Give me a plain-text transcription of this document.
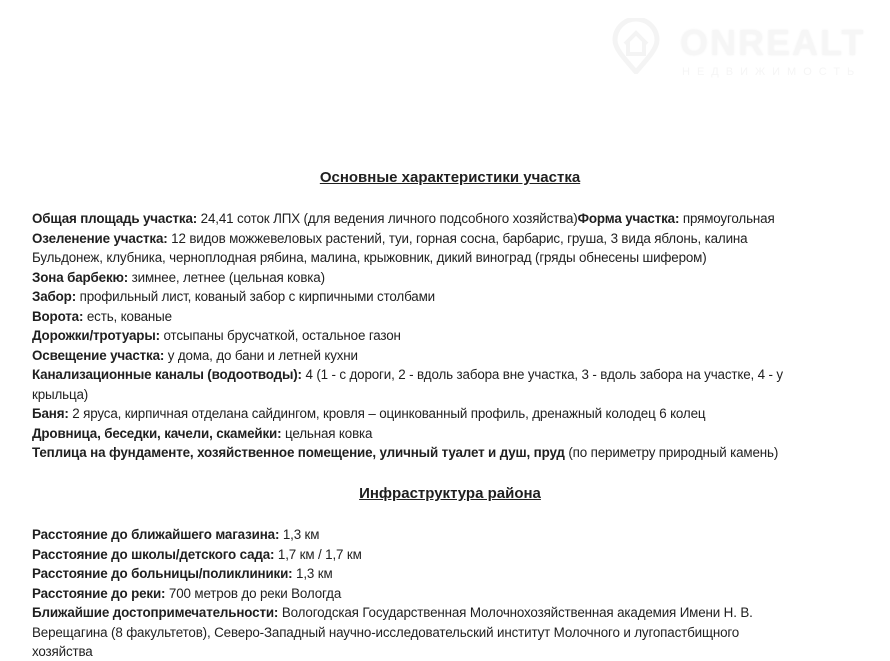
ONREALT
НЕДВИЖИМОСТЬ
Основные характеристики участка
Общая площадь участка: 24,41 соток ЛПХ (для ведения личного подсобного хозяйства)Форма участка: прямоугольная
Озеленение участка: 12 видов можжевеловых растений, туи, горная сосна, барбарис, груша, 3 вида яблонь, калина
Бульдонеж, клубника, черноплодная рябина, малина, крыжовник, дикий виноград (гряды обнесены шифером)
Зона барбекю: зимнее, летнее (цельная ковка)
Забор: профильный лист, кованый забор с кирпичными столбами
Ворота: есть, кованые
Дорожки/тротуары: отсыпаны брусчаткой, остальное газон
Освещение участка: у дома, до бани и летней кухни
Канализационные каналы (водоотводы): 4 (1 - с дороги, 2 - вдоль забора вне участка, 3 - вдоль забора на участке, 4 - у
крыльца)
Баня: 2 яруса, кирпичная отделана сайдингом, кровля – оцинкованный профиль, дренажный колодец 6 колец
Дровница, беседки, качели, скамейки: цельная ковка
Теплица на фундаменте, хозяйственное помещение, уличный туалет и душ, пруд (по периметру природный камень)
Инфраструктура района
Расстояние до ближайшего магазина: 1,3 км
Расстояние до школы/детского сада: 1,7 км / 1,7 км
Расстояние до больницы/поликлиники: 1,3 км
Расстояние до реки: 700 метров до реки Вологда
Ближайшие достопримечательности: Вологодская Государственная Молочнохозяйственная академия Имени Н. В.
Верещагина (8 факультетов), Северо-Западный научно-исследовательский институт Молочного и лугопастбищного
хозяйства
